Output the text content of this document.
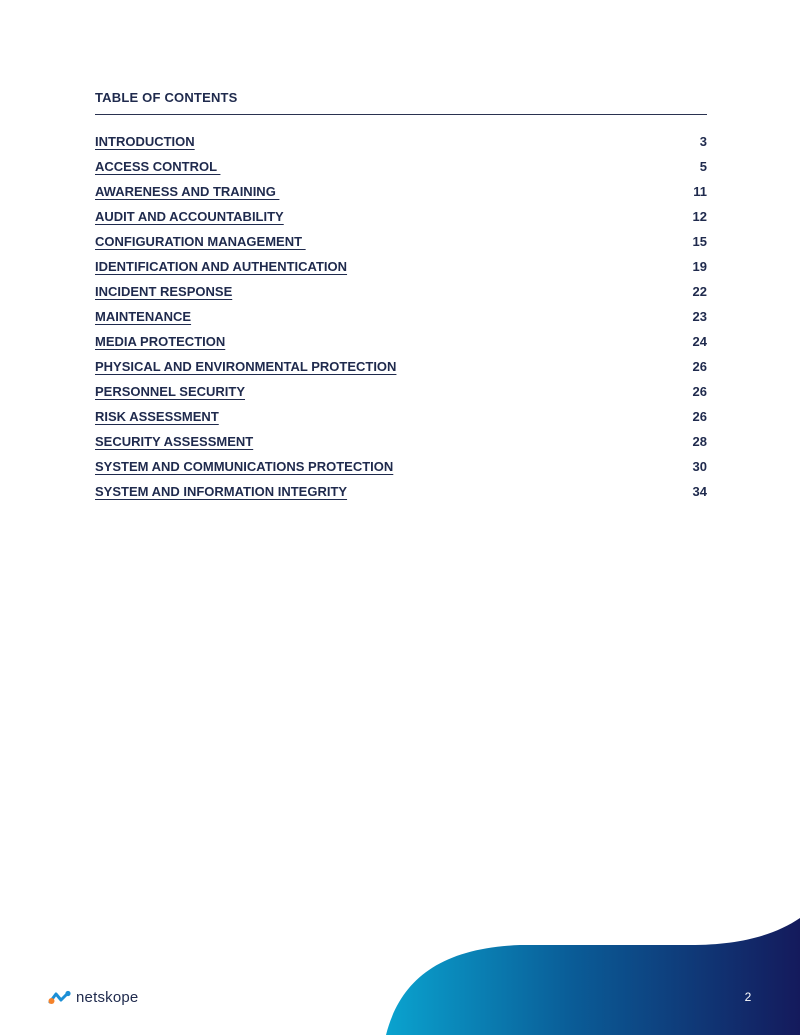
TABLE OF CONTENTS
INTRODUCTION	3
ACCESS CONTROL	5
AWARENESS AND TRAINING	11
AUDIT AND ACCOUNTABILITY	12
CONFIGURATION MANAGEMENT	15
IDENTIFICATION AND AUTHENTICATION	19
INCIDENT RESPONSE	22
MAINTENANCE	23
MEDIA PROTECTION	24
PHYSICAL AND ENVIRONMENTAL PROTECTION	26
PERSONNEL SECURITY	26
RISK ASSESSMENT	26
SECURITY ASSESSMENT	28
SYSTEM AND COMMUNICATIONS PROTECTION	30
SYSTEM AND INFORMATION INTEGRITY	34
netskope	2
